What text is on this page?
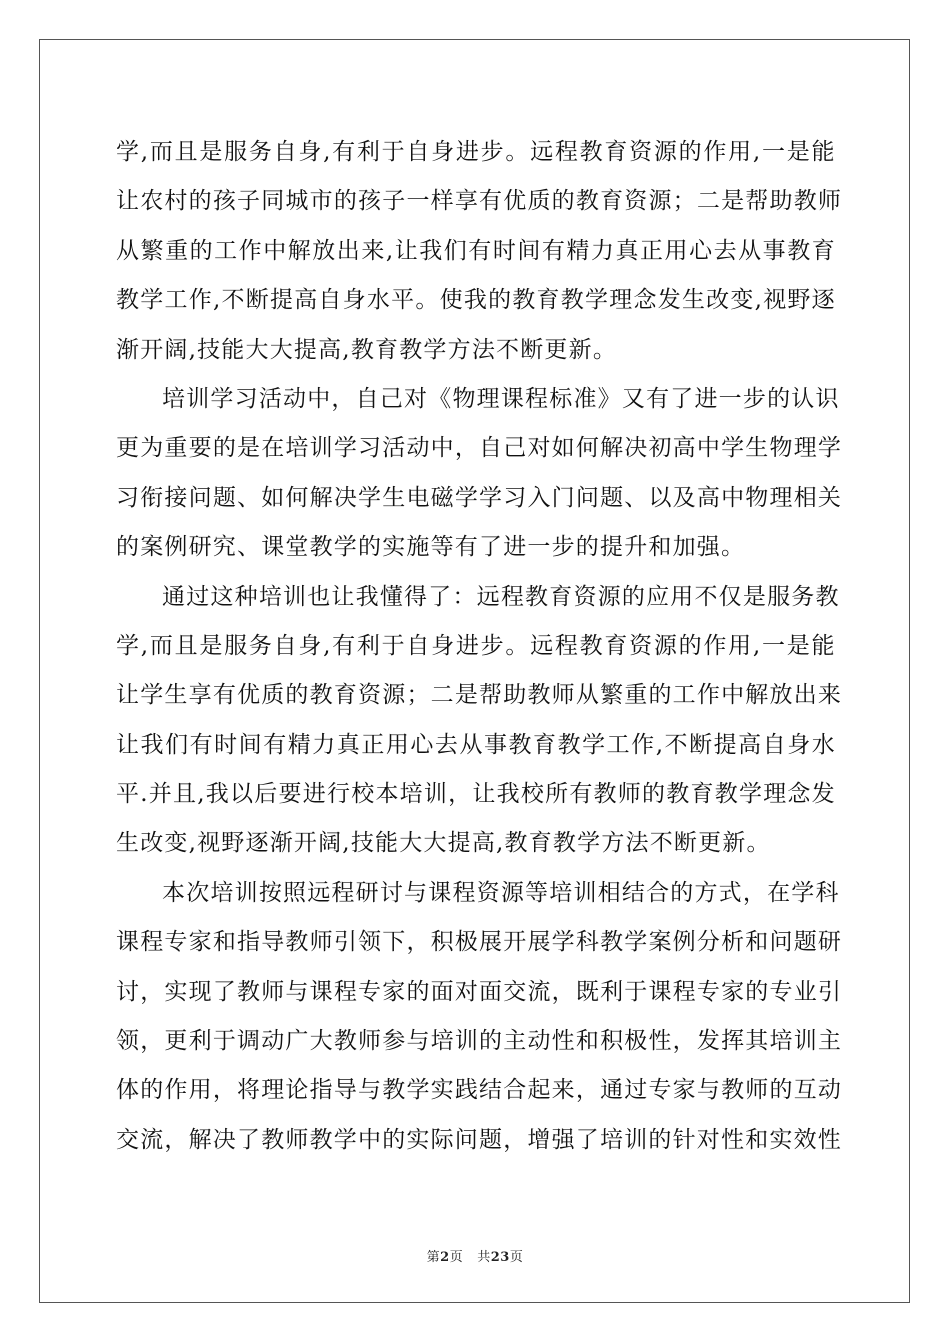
学 , 而 且 是 服 务 自 身 , 有 利 于 自 身 进 步 。 远 程 教 育 资 源 的 作 用 , 一 是 能
让 农 村 的 孩 子 同 城 市 的 孩 子 一 样 享 有 优 质 的 教 育 资 源 ； 二 是 帮 助 教 师
从 繁 重 的 工 作 中 解 放 出 来 , 让 我 们 有 时 间 有 精 力 真 正 用 心 去 从 事 教 育
教 学 工 作 , 不 断 提 高 自 身 水 平 。 使 我 的 教 育 教 学 理 念 发 生 改 变 , 视 野 逐
渐开阔,技能大大提高,教育教学方法不断更新。
培 训 学 习 活 动 中 ， 自 己 对 《 物 理 课 程 标 准 》 又 有 了 进 一 步 的 认 识
更 为 重 要 的 是 在 培 训 学 习 活 动 中 ， 自 己 对 如 何 解 决 初 高 中 学 生 物 理 学
习 衔 接 问 题 、 如 何 解 决 学 生 电 磁 学 学 习 入 门 问 题 、 以 及 高 中 物 理 相 关
的案例研究、课堂教学的实施等有了进一步的提升和加强。
通 过 这 种 培 训 也 让 我 懂 得 了 ： 远 程 教 育 资 源 的 应 用 不 仅 是 服 务 教
学 , 而 且 是 服 务 自 身 , 有 利 于 自 身 进 步 。 远 程 教 育 资 源 的 作 用 , 一 是 能
让 学 生 享 有 优 质 的 教 育 资 源 ； 二 是 帮 助 教 师 从 繁 重 的 工 作 中 解 放 出 来
让 我 们 有 时 间 有 精 力 真 正 用 心 去 从 事 教 育 教 学 工 作 , 不 断 提 高 自 身 水
平 . 并 且 , 我 以 后 要 进 行 校 本 培 训 ， 让 我 校 所 有 教 师 的 教 育 教 学 理 念 发
生改变,视野逐渐开阔,技能大大提高,教育教学方法不断更新。
本 次 培 训 按 照 远 程 研 讨 与 课 程 资 源 等 培 训 相 结 合 的 方 式 ， 在 学 科
课 程 专 家 和 指 导 教 师 引 领 下 ， 积 极 展 开 展 学 科 教 学 案 例 分 析 和 问 题 研
讨 ， 实 现 了 教 师 与 课 程 专 家 的 面 对 面 交 流 ， 既 利 于 课 程 专 家 的 专 业 引
领 ， 更 利 于 调 动 广 大 教 师 参 与 培 训 的 主 动 性 和 积 极 性 ， 发 挥 其 培 训 主
体 的 作 用 ， 将 理 论 指 导 与 教 学 实 践 结 合 起 来 ， 通 过 专 家 与 教 师 的 互 动
交流，解决了教师教学中的实际问题，增强了培训的针对性和实效性
第2页 共23页
